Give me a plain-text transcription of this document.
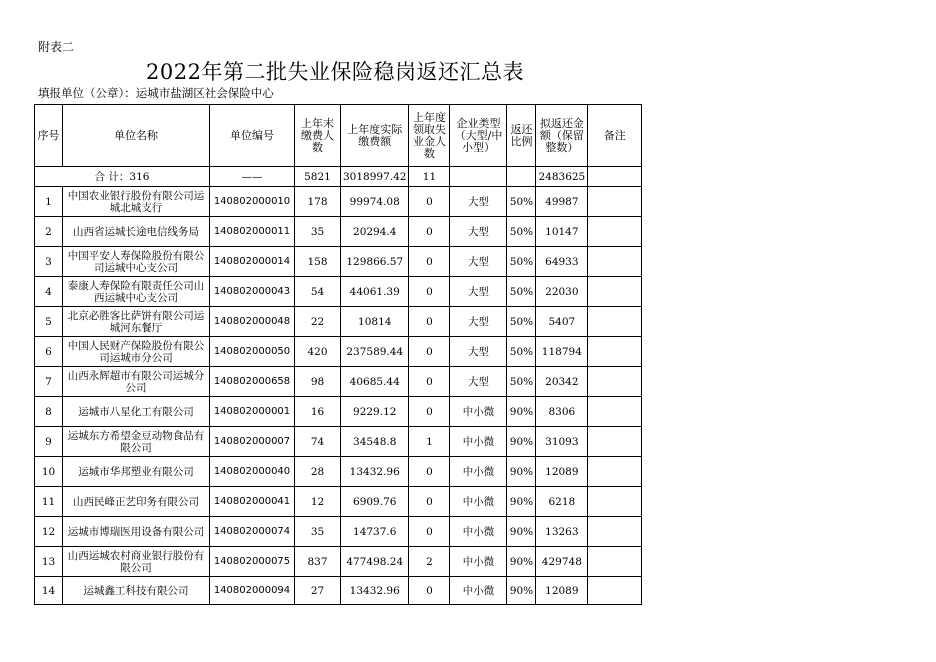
附表二
2022年第二批失业保险稳岗返还汇总表
填报单位（公章）：运城市盐湖区社会保险中心
序号	单位名称	单位编号	上年末缴费人数	上年度实际缴费额	上年度领取失业金人数	企业类型（大型/中小型）	返还比例	拟返还金额（保留整数）	备注
合 计：316		——	5821	3018997.42	11			2483625	
1	中国农业银行股份有限公司运城北城支行	140802000010	178	99974.08	0	大型	50%	49987	
2	山西省运城长途电信线务局	140802000011	35	20294.4	0	大型	50%	10147	
3	中国平安人寿保险股份有限公司运城中心支公司	140802000014	158	129866.57	0	大型	50%	64933	
4	泰康人寿保险有限责任公司山西运城中心支公司	140802000043	54	44061.39	0	大型	50%	22030	
5	北京必胜客比萨饼有限公司运城河东餐厅	140802000048	22	10814	0	大型	50%	5407	
6	中国人民财产保险股份有限公司运城市分公司	140802000050	420	237589.44	0	大型	50%	118794	
7	山西永辉超市有限公司运城分公司	140802000658	98	40685.44	0	大型	50%	20342	
8	运城市八星化工有限公司	140802000001	16	9229.12	0	中小微	90%	8306	
9	运城东方希望金豆动物食品有限公司	140802000007	74	34548.8	1	中小微	90%	31093	
10	运城市华邦塑业有限公司	140802000040	28	13432.96	0	中小微	90%	12089	
11	山西民峰正艺印务有限公司	140802000041	12	6909.76	0	中小微	90%	6218	
12	运城市博瑞医用设备有限公司	140802000074	35	14737.6	0	中小微	90%	13263	
13	山西运城农村商业银行股份有限公司	140802000075	837	477498.24	2	中小微	90%	429748	
14	运城鑫工科技有限公司	140802000094	27	13432.96	0	中小微	90%	12089	
